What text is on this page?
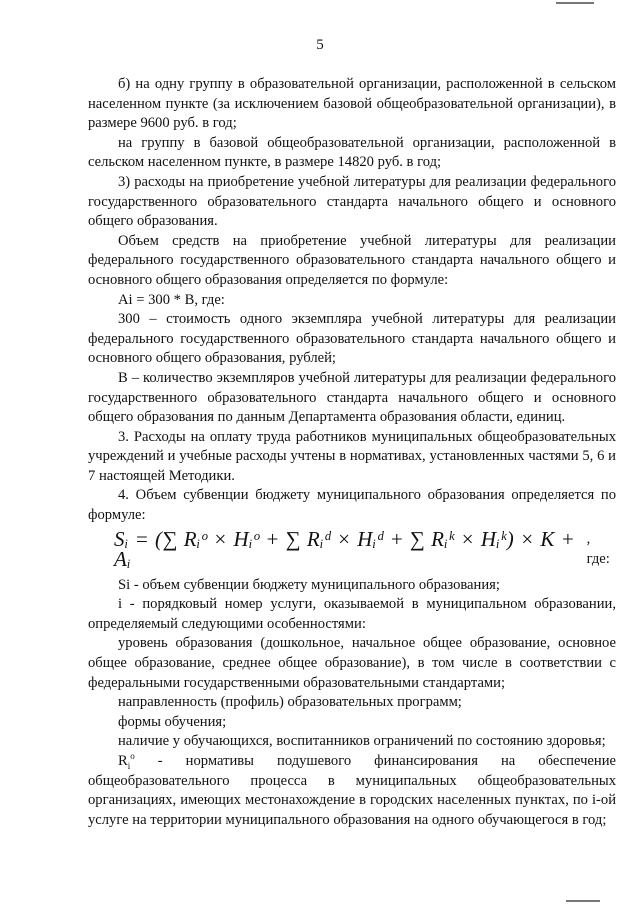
5

б) на одну группу в образовательной организации, расположенной в сельском населенном пункте (за исключением базовой общеобразовательной организации), в размере 9600 руб. в год;

на группу в базовой общеобразовательной организации, расположенной в сельском населенном пункте, в размере 14820 руб. в год;

3) расходы на приобретение учебной литературы для реализации федерального государственного образовательного стандарта начального общего и основного общего образования.

Объем средств на приобретение учебной литературы для реализации федерального государственного образовательного стандарта начального общего и основного общего образования определяется по формуле:

Ai = 300 * B, где:

300 – стоимость одного экземпляра учебной литературы для реализации федерального государственного образовательного стандарта начального общего и основного общего образования, рублей;

B – количество экземпляров учебной литературы для реализации федерального государственного образовательного стандарта начального общего и основного общего образования по данным Департамента образования области, единиц.

3. Расходы на оплату труда работников муниципальных общеобразовательных учреждений и учебные расходы учтены в нормативах, установленных частями 5, 6 и 7 настоящей Методики.

4. Объем субвенции бюджету муниципального образования определяется по формуле:

Sᵢ = (∑ Rᵢᵒ × Hᵢᵒ + ∑ Rᵢᵈ × Hᵢᵈ + ∑ Rᵢᵏ × Hᵢᵏ) × K + Aᵢ
, где:

Si - объем субвенции бюджету муниципального образования;

i - порядковый номер услуги, оказываемой в муниципальном образовании, определяемый следующими особенностями:

уровень образования (дошкольное, начальное общее образование, основное общее образование, среднее общее образование), в том числе в соответствии с федеральными государственными образовательными стандартами;

направленность (профиль) образовательных программ;

формы обучения;

наличие у обучающихся, воспитанников ограничений по состоянию здоровья;

$R_i^o$ - нормативы подушевого финансирования на обеспечение общеобразовательного процесса в муниципальных общеобразовательных организациях, имеющих местонахождение в городских населенных пунктах, по i-ой услуге на территории муниципального образования на одного обучающегося в год;
